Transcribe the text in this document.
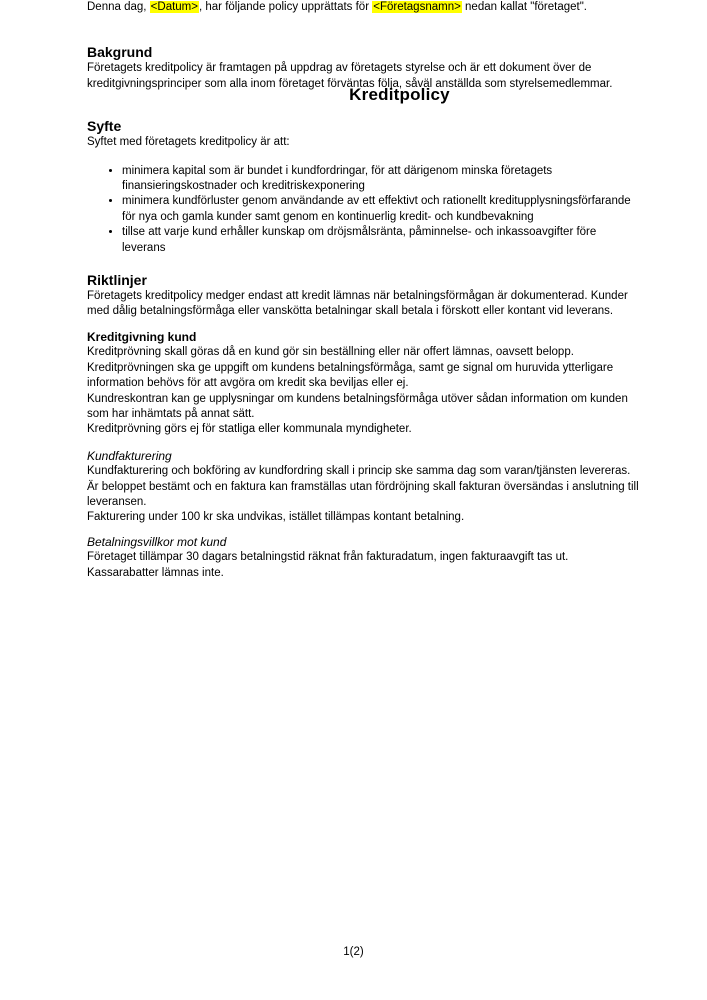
Kreditpolicy

Denna dag, <Datum>, har följande policy upprättats för <Företagsnamn> nedan kallat "företaget".

Bakgrund

Företagets kreditpolicy är framtagen på uppdrag av företagets styrelse och är ett dokument över de kreditgivningsprinciper som alla inom företaget förväntas följa, såväl anställda som styrelsemedlemmar.

Syfte

Syftet med företagets kreditpolicy är att:

• minimera kapital som är bundet i kundfordringar, för att därigenom minska företagets finansieringskostnader och kreditriskexponering
• minimera kundförluster genom användande av ett effektivt och rationellt kreditupplysningsförfarande för nya och gamla kunder samt genom en kontinuerlig kredit- och kundbevakning
• tillse att varje kund erhåller kunskap om dröjsmålsränta, påminnelse- och inkassoavgifter före leverans
Riktlinjer

Företagets kreditpolicy medger endast att kredit lämnas när betalningsförmågan är dokumenterad. Kunder med dålig betalningsförmåga eller vanskötta betalningar skall betala i förskott eller kontant vid leverans.

Kreditgivning kund

Kreditprövning skall göras då en kund gör sin beställning eller när offert lämnas, oavsett belopp.

Kreditprövningen ska ge uppgift om kundens betalningsförmåga, samt ge signal om huruvida ytterligare information behövs för att avgöra om kredit ska beviljas eller ej.

Kundreskontran kan ge upplysningar om kundens betalningsförmåga utöver sådan information om kunden som har inhämtats på annat sätt.

Kreditprövning görs ej för statliga eller kommunala myndigheter.

Kundfakturering

Kundfakturering och bokföring av kundfordring skall i princip ske samma dag som varan/tjänsten levereras. Är beloppet bestämt och en faktura kan framställas utan fördröjning skall fakturan översändas i anslutning till leveransen.

Fakturering under 100 kr ska undvikas, istället tillämpas kontant betalning.

Betalningsvillkor mot kund

Företaget tillämpar 30 dagars betalningstid räknat från fakturadatum, ingen fakturaavgift tas ut. Kassarabatter lämnas inte.

1(2)
